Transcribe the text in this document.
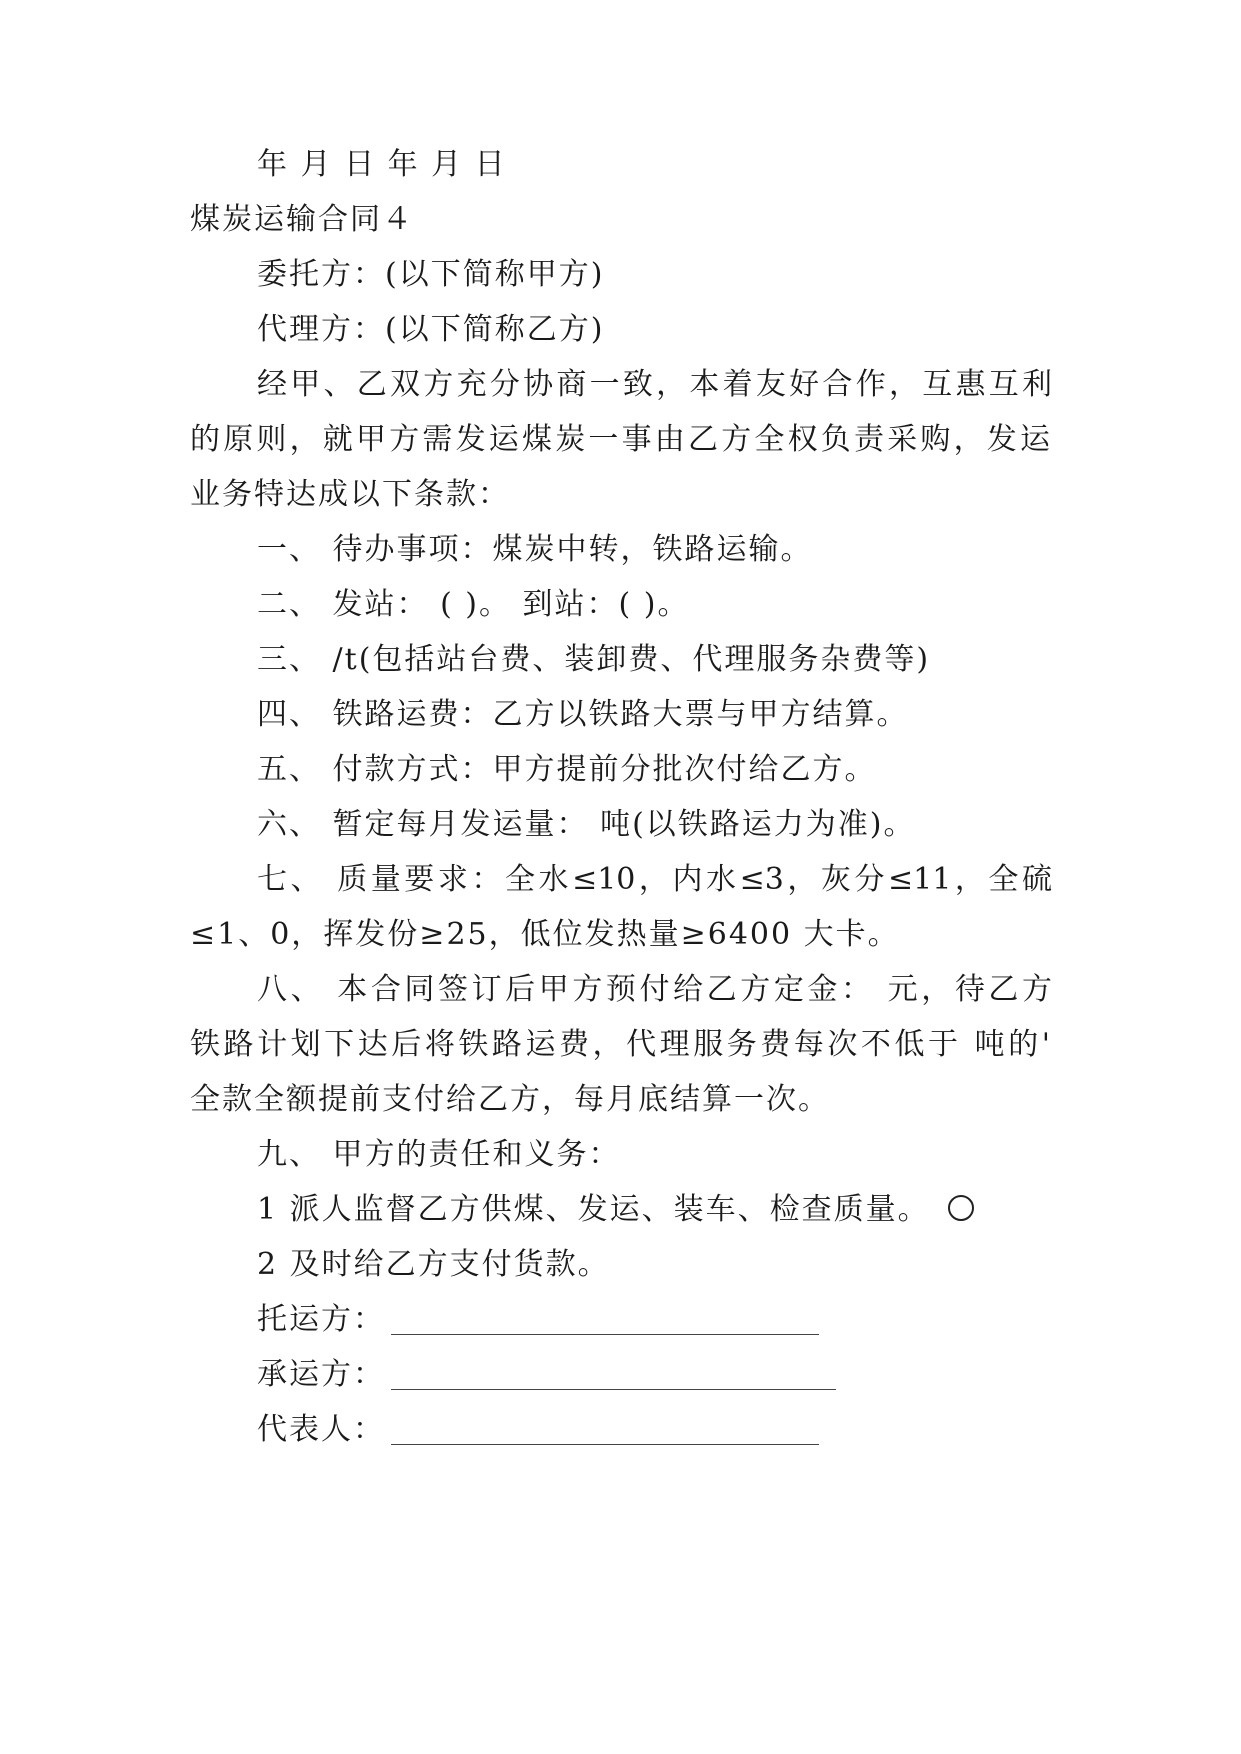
年 月 日 年 月 日
煤炭运输合同４
委托方：(以下简称甲方)
代理方：(以下简称乙方)
经甲、乙双方充分协商一致，本着友好合作，互惠互利
的原则，就甲方需发运煤炭一事由乙方全权负责采购，发运
业务特达成以下条款：
一、 待办事项：煤炭中转，铁路运输。
二、 发站： ( )。 到站：( )。
三、 /t(包括站台费、装卸费、代理服务杂费等)
四、 铁路运费：乙方以铁路大票与甲方结算。
五、 付款方式：甲方提前分批次付给乙方。
六、 暂定每月发运量： 吨(以铁路运力为准)。
七、 质量要求：全水≤10，内水≤3，灰分≤11，全硫
≤1、0，挥发份≥25，低位发热量≥6400 大卡。
八、 本合同签订后甲方预付给乙方定金： 元，待乙方
铁路计划下达后将铁路运费，代理服务费每次不低于 吨的'
全款全额提前支付给乙方，每月底结算一次。
九、 甲方的责任和义务：
1 派人监督乙方供煤、发运、装车、检查质量。
2 及时给乙方支付货款。
托运方：
承运方：
代表人：
